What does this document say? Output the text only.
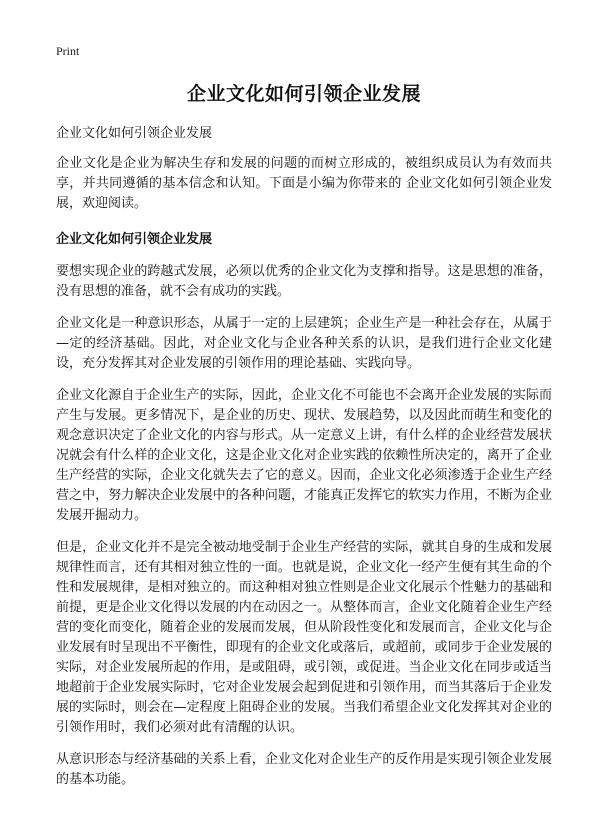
Print
企业文化如何引领企业发展
企业文化如何引领企业发展
企业文化是企业为解决生存和发展的问题的而树立形成的，被组织成员认为有效而共享，并共同遵循的基本信念和认知。下面是小编为你带来的 企业文化如何引领企业发展，欢迎阅读。
企业文化如何引领企业发展
要想实现企业的跨越式发展，必须以优秀的企业文化为支撑和指导。这是思想的准备，没有思想的准备，就不会有成功的实践。
企业文化是一种意识形态，从属于一定的上层建筑；企业生产是一种社会存在，从属于—定的经济基础。因此，对企业文化与企业各种关系的认识，是我们进行企业文化建设，充分发挥其对企业发展的引领作用的理论基础、实践向导。
企业文化源自于企业生产的实际，因此，企业文化不可能也不会离开企业发展的实际而产生与发展。更多情况下，是企业的历史、现状、发展趋势，以及因此而萌生和变化的观念意识决定了企业文化的内容与形式。从一定意义上讲，有什么样的企业经营发展状况就会有什么样的企业文化，这是企业文化对企业实践的依赖性所决定的，离开了企业生产经营的实际，企业文化就失去了它的意义。因而，企业文化必须渗透于企业生产经营之中，努力解决企业发展中的各种问题，才能真正发挥它的软实力作用，不断为企业发展开掘动力。
但是，企业文化并不是完全被动地受制于企业生产经营的实际，就其自身的生成和发展规律性而言，还有其相对独立性的一面。也就是说，企业文化一经产生便有其生命的个性和发展规律，是相对独立的。而这种相对独立性则是企业文化展示个性魅力的基础和前提，更是企业文化得以发展的内在动因之一。从整体而言，企业文化随着企业生产经营的变化而变化，随着企业的发展而发展，但从阶段性变化和发展而言，企业文化与企业发展有时呈现出不平衡性，即现有的企业文化或落后，或超前，或同步于企业发展的实际，对企业发展所起的作用，是或阻碍，或引领，或促进。当企业文化在同步或适当地超前于企业发展实际时，它对企业发展会起到促进和引领作用，而当其落后于企业发展的实际时，则会在—定程度上阻碍企业的发展。当我们希望企业文化发挥其对企业的引领作用时，我们必须对此有清醒的认识。
从意识形态与经济基础的关系上看，企业文化对企业生产的反作用是实现引领企业发展的基本功能。
